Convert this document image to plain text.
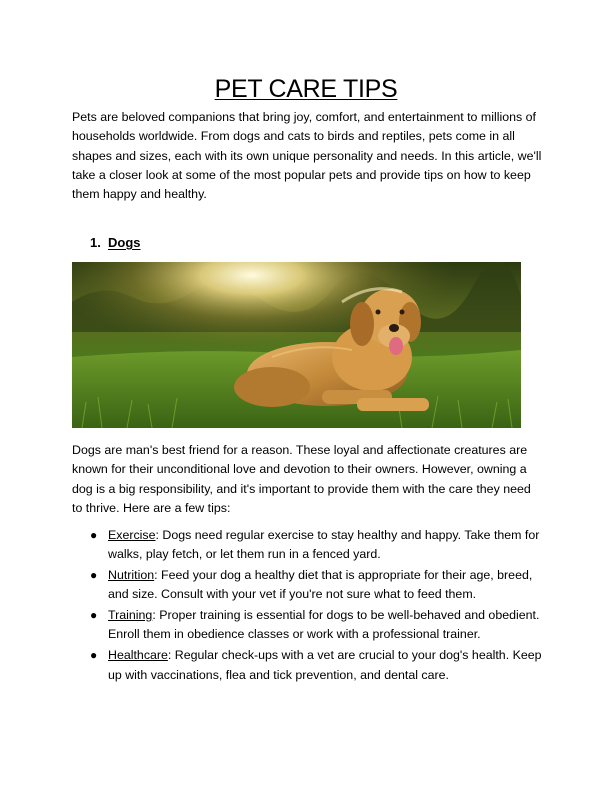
PET CARE TIPS
Pets are beloved companions that bring joy, comfort, and entertainment to millions of households worldwide. From dogs and cats to birds and reptiles, pets come in all shapes and sizes, each with its own unique personality and needs. In this article, we'll take a closer look at some of the most popular pets and provide tips on how to keep them happy and healthy.
1. Dogs
Dogs are man's best friend for a reason. These loyal and affectionate creatures are known for their unconditional love and devotion to their owners. However, owning a dog is a big responsibility, and it's important to provide them with the care they need to thrive. Here are a few tips:
● Exercise: Dogs need regular exercise to stay healthy and happy. Take them for walks, play fetch, or let them run in a fenced yard.
● Nutrition: Feed your dog a healthy diet that is appropriate for their age, breed, and size. Consult with your vet if you're not sure what to feed them.
● Training: Proper training is essential for dogs to be well-behaved and obedient. Enroll them in obedience classes or work with a professional trainer.
● Healthcare: Regular check-ups with a vet are crucial to your dog's health. Keep up with vaccinations, flea and tick prevention, and dental care.
